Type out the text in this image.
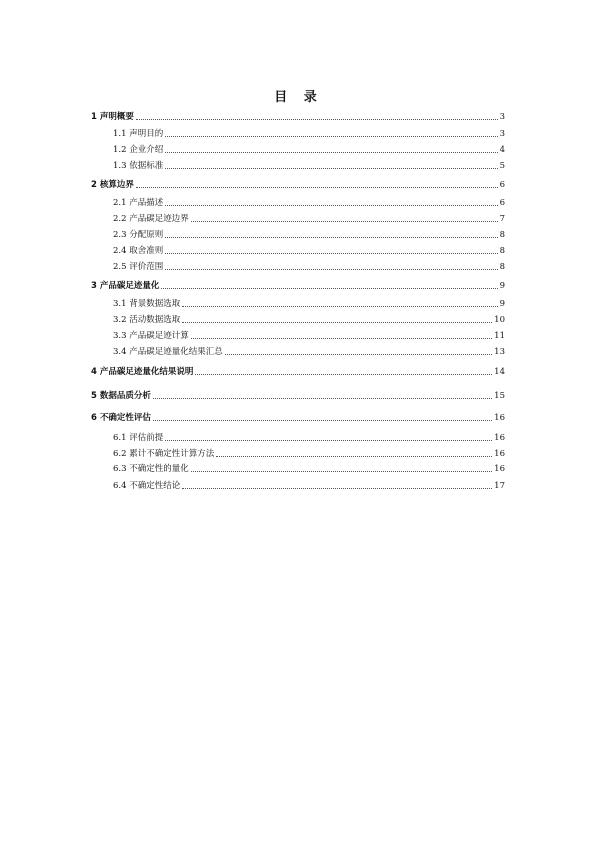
目 录
1 声明概要	3
1.1 声明目的	3
1.2 企业介绍	4
1.3 依据标准	5
2 核算边界	6
2.1 产品描述	6
2.2 产品碳足迹边界	7
2.3 分配原则	8
2.4 取舍准则	8
2.5 评价范围	8
3 产品碳足迹量化	9
3.1 背景数据选取	9
3.2 活动数据选取	10
3.3 产品碳足迹计算	11
3.4 产品碳足迹量化结果汇总	13
4 产品碳足迹量化结果说明	14
5 数据品质分析	15
6 不确定性评估	16
6.1 评估前提	16
6.2 累计不确定性计算方法	16
6.3 不确定性的量化	16
6.4 不确定性结论	17
